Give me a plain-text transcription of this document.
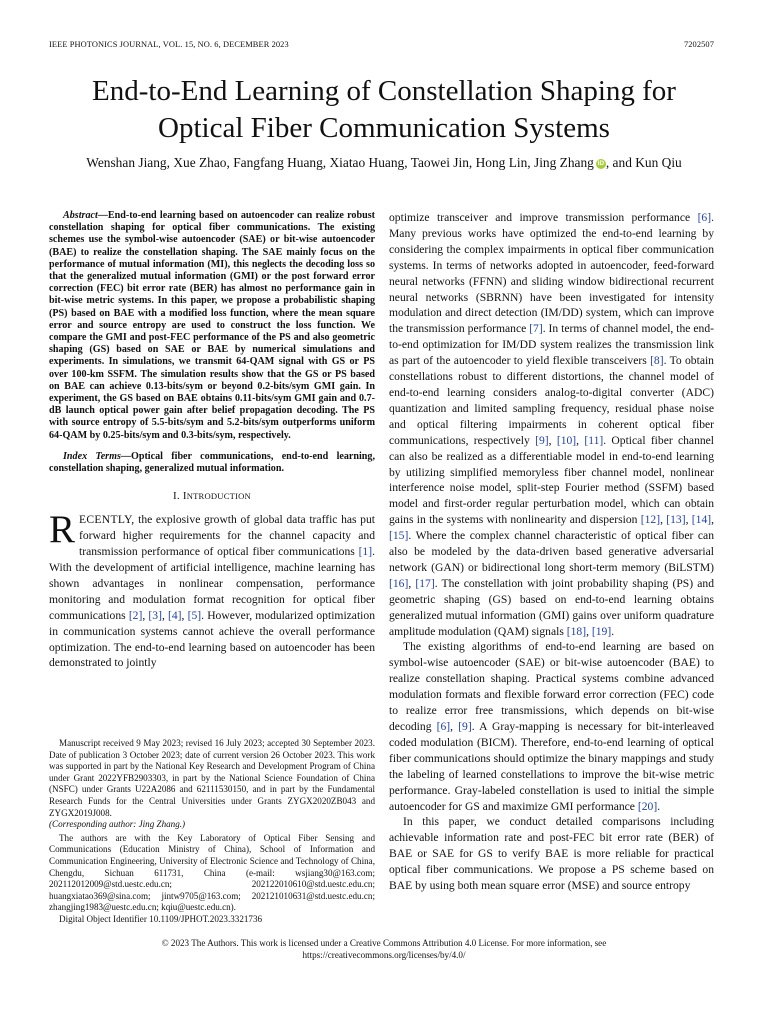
IEEE PHOTONICS JOURNAL, VOL. 15, NO. 6, DECEMBER 2023	7202507
End-to-End Learning of Constellation Shaping for
Optical Fiber Communication Systems
Wenshan Jiang, Xue Zhao, Fangfang Huang, Xiatao Huang, Taowei Jin, Hong Lin, Jing Zhang iD , and Kun Qiu

Abstract—End-to-end learning based on autoencoder can realize robust constellation shaping for optical fiber communications. The existing schemes use the symbol-wise autoencoder (SAE) or bit-wise autoencoder (BAE) to realize the constellation shaping. The SAE mainly focus on the performance of mutual information (MI), this neglects the decoding loss so that the generalized mutual information (GMI) or the post forward error correction (FEC) bit error rate (BER) has almost no performance gain in bit-wise metric systems. In this paper, we propose a probabilistic shaping (PS) based on BAE with a modified loss function, where the mean square error and source entropy are used to construct the loss function. We compare the GMI and post-FEC performance of the PS and also geometric shaping (GS) based on SAE or BAE by numerical simulations and experiments. In simulations, we transmit 64-QAM signal with GS or PS over 100-km SSFM. The simulation results show that the GS or PS based on BAE can achieve 0.13-bits/sym or beyond 0.2-bits/sym GMI gain. In experiment, the GS based on BAE obtains 0.11-bits/sym GMI gain and 0.7-dB launch optical power gain after belief propagation decoding. The PS with source entropy of 5.5-bits/sym and 5.2-bits/sym outperforms uniform 64-QAM by 0.25-bits/sym and 0.3-bits/sym, respectively.

Index Terms—Optical fiber communications, end-to-end learning, constellation shaping, generalized mutual information.

I. INTRODUCTION

RECENTLY, the explosive growth of global data traffic has put forward higher requirements for the channel capacity and transmission performance of optical fiber communications [1]. With the development of artificial intelligence, machine learning has shown advantages in nonlinear compensation, performance monitoring and modulation format recognition for optical fiber communications [2], [3], [4], [5]. However, modularized optimization in communication systems cannot achieve the overall performance optimization. The end-to-end learning based on autoencoder has been demonstrated to jointly

Manuscript received 9 May 2023; revised 16 July 2023; accepted 30 September 2023. Date of publication 3 October 2023; date of current version 26 October 2023. This work was supported in part by the National Key Research and Development Program of China under Grant 2022YFB2903303, in part by the National Science Foundation of China (NSFC) under Grants U22A2086 and 62111530150, and in part by the Fundamental Research Funds for the Central Universities under Grants ZYGX2020ZB043 and ZYGX2019J008.

(Corresponding author: Jing Zhang.)

The authors are with the Key Laboratory of Optical Fiber Sensing and Communications (Education Ministry of China), School of Information and Communication Engineering, University of Electronic Science and Technology of China, Chengdu, Sichuan 611731, China (e-mail: wsjiang30@163.com; 202112012009@std.uestc.edu.cn; 202122010610@std.uestc.edu.cn; huangxiatao369@sina.com; jintw9705@163.com; 202121010631@std.uestc.edu.cn; zhangjing1983@uestc.edu.cn; kqiu@uestc.edu.cn).

Digital Object Identifier 10.1109/JPHOT.2023.3321736

optimize transceiver and improve transmission performance [6]. Many previous works have optimized the end-to-end learning by considering the complex impairments in optical fiber communication systems. In terms of networks adopted in autoencoder, feed-forward neural networks (FFNN) and sliding window bidirectional recurrent neural networks (SBRNN) have been investigated for intensity modulation and direct detection (IM/DD) system, which can improve the transmission performance [7]. In terms of channel model, the end-to-end optimization for IM/DD system realizes the transmission link as part of the autoencoder to yield flexible transceivers [8]. To obtain constellations robust to different distortions, the channel model of end-to-end learning considers analog-to-digital converter (ADC) quantization and limited sampling frequency, residual phase noise and optical filtering impairments in coherent optical fiber communications, respectively [9], [10], [11]. Optical fiber channel can also be realized as a differentiable model in end-to-end learning by utilizing simplified memoryless fiber channel model, nonlinear interference noise model, split-step Fourier method (SSFM) based model and first-order regular perturbation model, which can obtain gains in the systems with nonlinearity and dispersion [12], [13], [14], [15]. Where the complex channel characteristic of optical fiber can also be modeled by the data-driven based generative adversarial network (GAN) or bidirectional long short-term memory (BiLSTM) [16], [17]. The constellation with joint probability shaping (PS) and geometric shaping (GS) based on end-to-end learning obtains generalized mutual information (GMI) gains over uniform quadrature amplitude modulation (QAM) signals [18], [19].

The existing algorithms of end-to-end learning are based on symbol-wise autoencoder (SAE) or bit-wise autoencoder (BAE) to realize constellation shaping. Practical systems combine advanced modulation formats and flexible forward error correction (FEC) code to realize error free transmissions, which depends on bit-wise decoding [6], [9]. A Gray-mapping is necessary for bit-interleaved coded modulation (BICM). Therefore, end-to-end learning of optical fiber communications should optimize the binary mappings and study the labeling of learned constellations to improve the bit-wise metric performance. Gray-labeled constellation is used to initial the simple autoencoder for GS and maximize GMI performance [20].

In this paper, we conduct detailed comparisons including achievable information rate and post-FEC bit error rate (BER) of BAE or SAE for GS to verify BAE is more reliable for practical optical fiber communications. We propose a PS scheme based on BAE by using both mean square error (MSE) and source entropy

© 2023 The Authors. This work is licensed under a Creative Commons Attribution 4.0 License. For more information, see
https://creativecommons.org/licenses/by/4.0/
